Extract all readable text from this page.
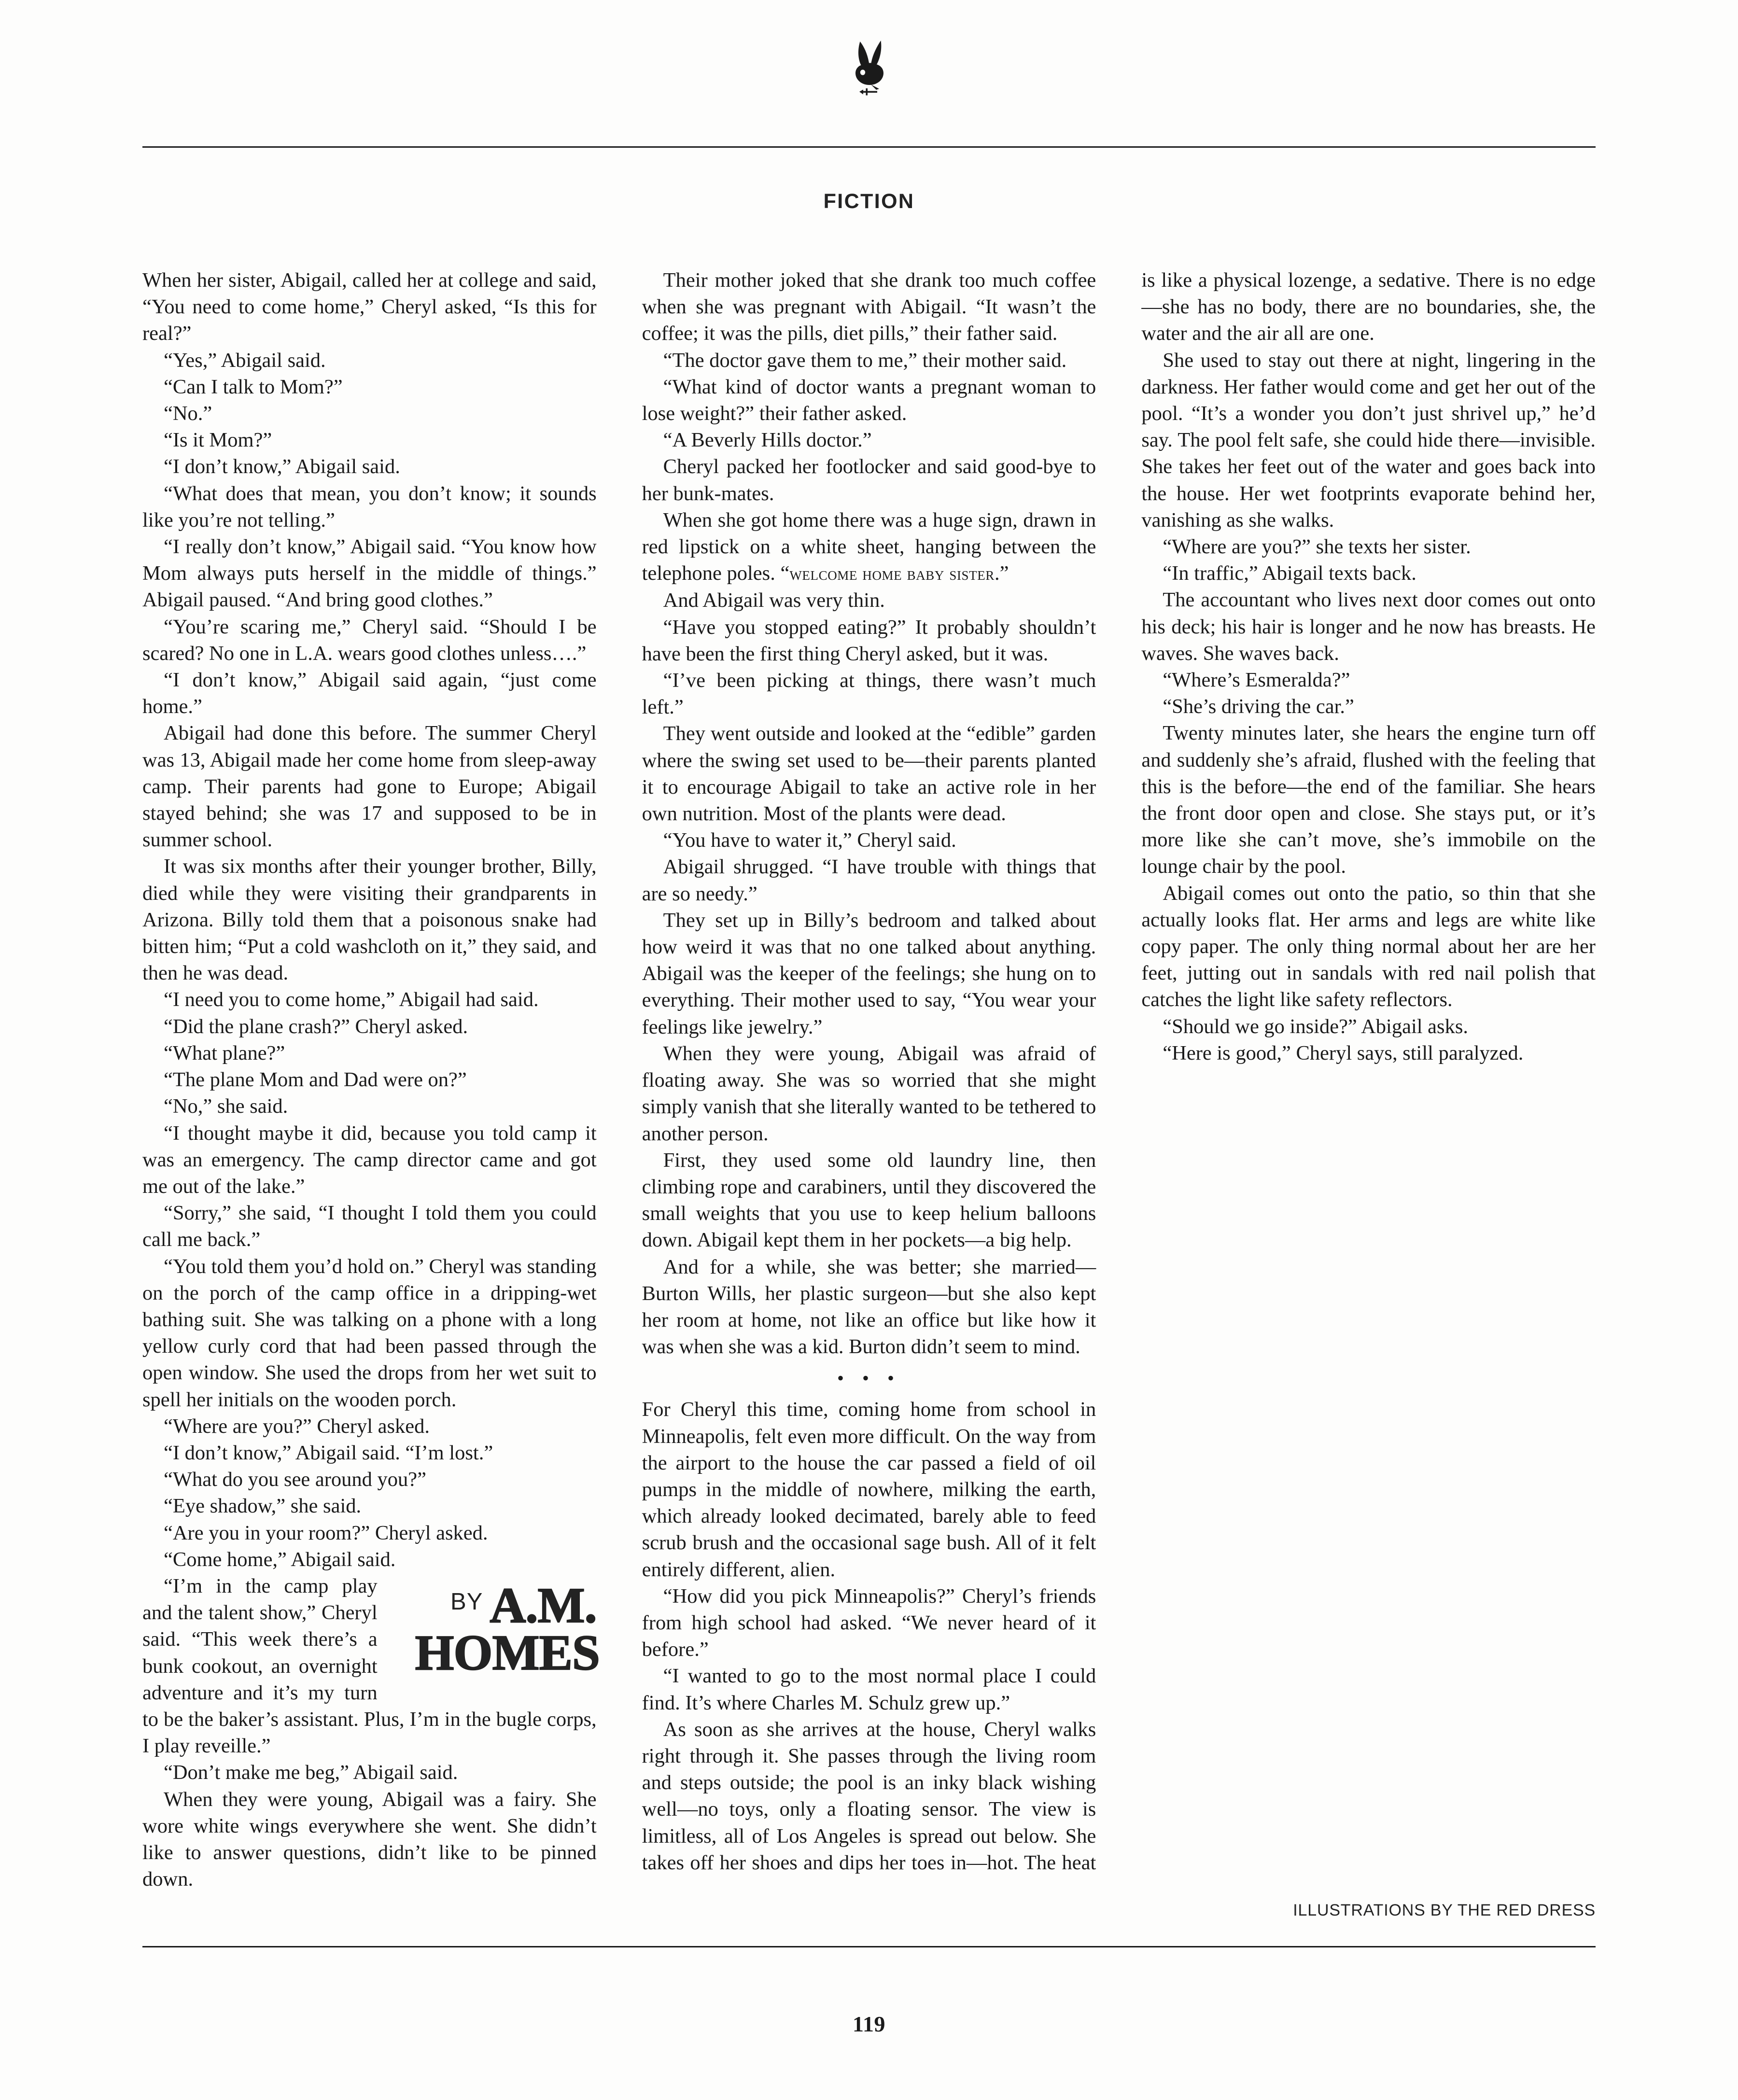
FICTION

When her sister, Abigail, called her at college and said, “You need to come home,” Cheryl asked, “Is this for real?”

“Yes,” Abigail said.

“Can I talk to Mom?”

“No.”

“Is it Mom?”

“I don’t know,” Abigail said.

“What does that mean, you don’t know; it sounds like you’re not telling.”

“I really don’t know,” Abigail said. “You know how Mom always puts herself in the middle of things.” Abigail paused. “And bring good clothes.”

“You’re scaring me,” Cheryl said. “Should I be scared? No one in L.A. wears good clothes unless….”

“I don’t know,” Abigail said again, “just come home.”

Abigail had done this before. The summer Cheryl was 13, Abigail made her come home from sleep-away camp. Their parents had gone to Europe; Abigail stayed behind; she was 17 and supposed to be in summer school.

It was six months after their younger brother, Billy, died while they were visiting their grandparents in Arizona. Billy told them that a poisonous snake had bitten him; “Put a cold washcloth on it,” they said, and then he was dead.

“I need you to come home,” Abigail had said.

“Did the plane crash?” Cheryl asked.

“What plane?”

“The plane Mom and Dad were on?”

“No,” she said.

“I thought maybe it did, because you told camp it was an emergency. The camp director came and got me out of the lake.”

“Sorry,” she said, “I thought I told them you could call me back.”

“You told them you’d hold on.” Cheryl was standing on the porch of the camp office in a dripping-wet bathing suit. She was talking on a phone with a long yellow curly cord that had been passed through the open window. She used the drops from her wet suit to spell her initials on the wooden porch.

“Where are you?” Cheryl asked.

“I don’t know,” Abigail said. “I’m lost.”

“What do you see around you?”

“Eye shadow,” she said.

“Are you in your room?” Cheryl asked.

“Come home,” Abigail said.

BY A.M.
HOMES
“I’m in the camp play and the talent show,” Cheryl said. “This week there’s a bunk cookout, an overnight adventure and it’s my turn to be the baker’s assistant. Plus, I’m in the bugle corps, I play reveille.”

“Don’t make me beg,” Abigail said.

When they were young, Abigail was a fairy. She wore white wings everywhere she went. She didn’t like to answer questions, didn’t like to be pinned down.

Their mother joked that she drank too much coffee when she was pregnant with Abigail. “It wasn’t the coffee; it was the pills, diet pills,” their father said.

“The doctor gave them to me,” their mother said.

“What kind of doctor wants a pregnant woman to lose weight?” their father asked.

“A Beverly Hills doctor.”

Cheryl packed her footlocker and said good-bye to her bunk-mates.

When she got home there was a huge sign, drawn in red lipstick on a white sheet, hanging between the telephone poles. “welcome home baby sister.”

And Abigail was very thin.

“Have you stopped eating?” It probably shouldn’t have been the first thing Cheryl asked, but it was.

“I’ve been picking at things, there wasn’t much left.”

They went outside and looked at the “edible” garden where the swing set used to be—their parents planted it to encourage Abigail to take an active role in her own nutrition. Most of the plants were dead.

“You have to water it,” Cheryl said.

Abigail shrugged. “I have trouble with things that are so needy.”

They set up in Billy’s bedroom and talked about how weird it was that no one talked about anything. Abigail was the keeper of the feelings; she hung on to everything. Their mother used to say, “You wear your feelings like jewelry.”

When they were young, Abigail was afraid of floating away. She was so worried that she might simply vanish that she literally wanted to be tethered to another person.

First, they used some old laundry line, then climbing rope and carabiners, until they discovered the small weights that you use to keep helium balloons down. Abigail kept them in her pockets—a big help.

And for a while, she was better; she married—Burton Wills, her plastic surgeon—but she also kept her room at home, not like an office but like how it was when she was a kid. Burton didn’t seem to mind.

• • •

For Cheryl this time, coming home from school in Minneapolis, felt even more difficult. On the way from the airport to the house the car passed a field of oil pumps in the middle of nowhere, milking the earth, which already looked decimated, barely able to feed scrub brush and the occasional sage bush. All of it felt entirely different, alien.

“How did you pick Minneapolis?” Cheryl’s friends from high school had asked. “We never heard of it before.”

“I wanted to go to the most normal place I could find. It’s where Charles M. Schulz grew up.”

As soon as she arrives at the house, Cheryl walks right through it. She passes through the living room and steps outside; the pool is an inky black wishing well—no toys, only a floating sensor. The view is limitless, all of Los Angeles is spread out below. She takes off her shoes and dips her toes in—hot. The heat is like a physical lozenge, a sedative. There is no edge—she has no body, there are no boundaries, she, the water and the air all are one.

She used to stay out there at night, lingering in the darkness. Her father would come and get her out of the pool. “It’s a wonder you don’t just shrivel up,” he’d say. The pool felt safe, she could hide there—invisible. She takes her feet out of the water and goes back into the house. Her wet footprints evaporate behind her, vanishing as she walks.

“Where are you?” she texts her sister.

“In traffic,” Abigail texts back.

The accountant who lives next door comes out onto his deck; his hair is longer and he now has breasts. He waves. She waves back.

“Where’s Esmeralda?”

“She’s driving the car.”

Twenty minutes later, she hears the engine turn off and suddenly she’s afraid, flushed with the feeling that this is the before—the end of the familiar. She hears the front door open and close. She stays put, or it’s more like she can’t move, she’s immobile on the lounge chair by the pool.

Abigail comes out onto the patio, so thin that she actually looks flat. Her arms and legs are white like copy paper. The only thing normal about her are her feet, jutting out in sandals with red nail polish that catches the light like safety reflectors.

“Should we go inside?” Abigail asks.

“Here is good,” Cheryl says, still paralyzed.

ILLUSTRATIONS BY THE RED DRESS
119
